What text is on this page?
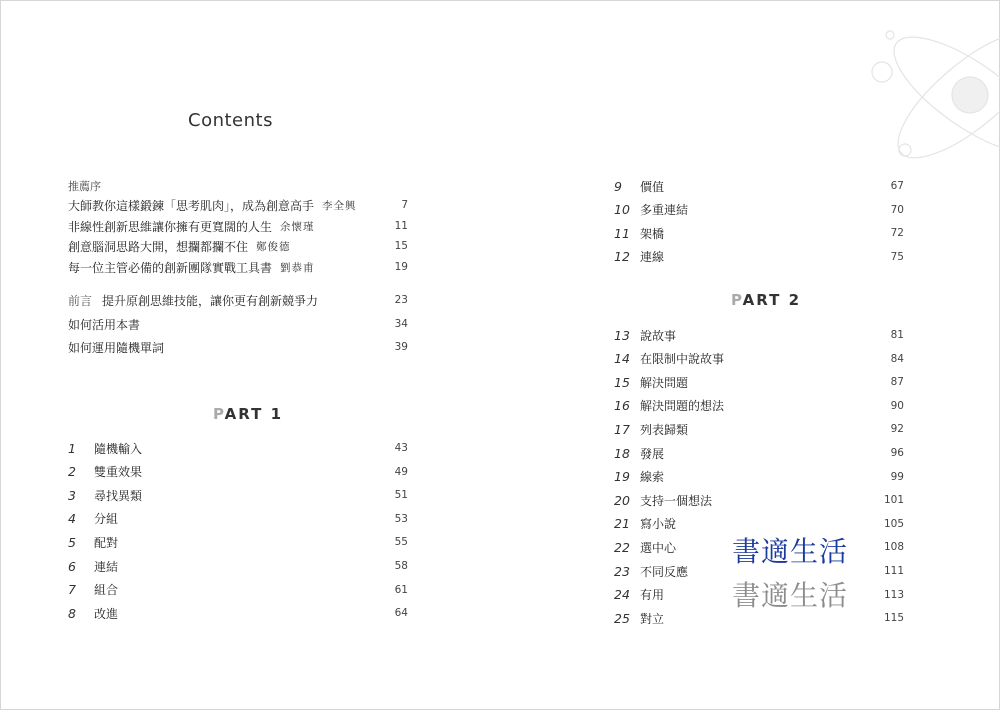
Contents
推薦序
大師教你這樣鍛鍊「思考肌肉」，成為創意高手 李全興	7
非線性創新思維讓你擁有更寬闊的人生 余懷瑾	11
創意腦洞思路大開，想攔都攔不住 鄭俊德	15
每一位主管必備的創新團隊實戰工具書 劉恭甫	19
前言 提升原創思維技能，讓你更有創新競爭力	23
如何活用本書	34
如何運用隨機單詞	39
PART 1
1	隨機輸入	43
2	雙重效果	49
3	尋找異類	51
4	分組	53
5	配對	55
6	連結	58
7	組合	61
8	改進	64
9	價值	67
10 多重連結	70
11 架橋	72
12 連線	75
PART 2
13 說故事	81
14 在限制中說故事	84
15 解決問題	87
16 解決問題的想法	90
17 列表歸類	92
18 發展	96
19 線索	99
20 支持一個想法	101
21 寫小說	105
22 選中心	108
23 不同反應	111
24 有用	113
25 對立	115
書適生活
書適生活
